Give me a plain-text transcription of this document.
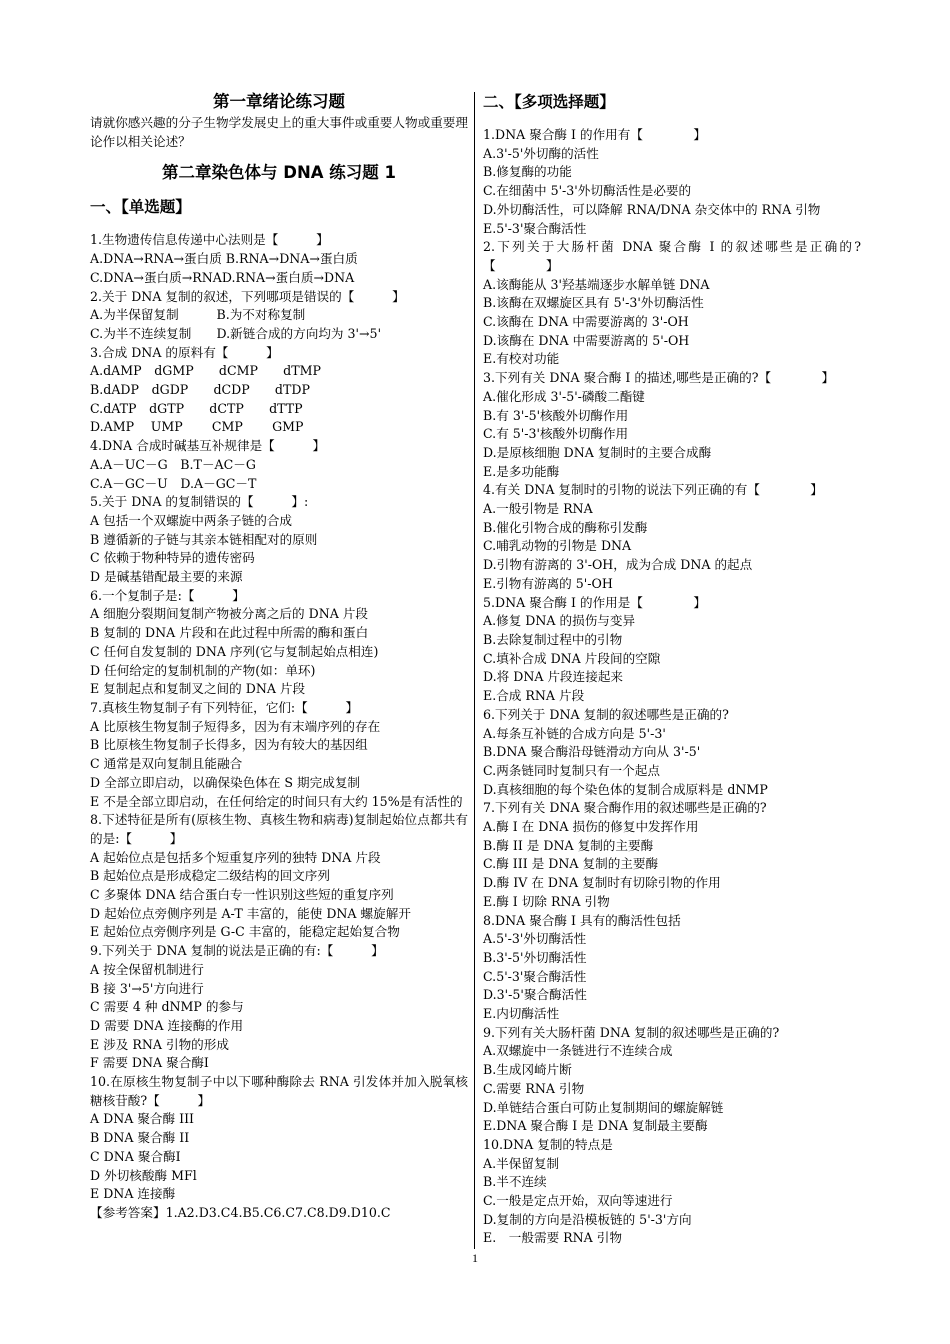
第一章绪论练习题
请就你感兴趣的分子生物学发展史上的重大事件或重要人物或重要理论作以相关论述？
第二章染色体与 DNA 练习题 1
一、【单选题】
1.生物遗传信息传递中心法则是【　　　】
A.DNA→RNA→蛋白质 B.RNA→DNA→蛋白质
C.DNA→蛋白质→RNAD.RNA→蛋白质→DNA
2.关于 DNA 复制的叙述，下列哪项是错误的【　　　】
A.为半保留复制　　　B.为不对称复制
C.为半不连续复制　　D.新链合成的方向均为 3'→5'
3.合成 DNA 的原料有【　　　】
A.dAMP　dGMP　　dCMP　　dTMP
B.dADP　dGDP　　dCDP　　dTDP
C.dATP　dGTP　　dCTP　　dTTP
D.AMP　 UMP　　 CMP　　 GMP
4.DNA 合成时碱基互补规律是【　　　】
A.A－UC－G　B.T－AC－G
C.A－GC－U　D.A－GC－T
5.关于 DNA 的复制错误的【　　　】:
A 包括一个双螺旋中两条子链的合成
B 遵循新的子链与其亲本链相配对的原则
C 依赖于物种特异的遗传密码
D 是碱基错配最主要的来源
6.一个复制子是:【　　　】
A 细胞分裂期间复制产物被分离之后的 DNA 片段
B 复制的 DNA 片段和在此过程中所需的酶和蛋白
C 任何自发复制的 DNA 序列(它与复制起始点相连)
D 任何给定的复制机制的产物(如：单环)
E 复制起点和复制叉之间的 DNA 片段
7.真核生物复制子有下列特征，它们:【　　　】
A 比原核生物复制子短得多，因为有末端序列的存在
B 比原核生物复制子长得多，因为有较大的基因组
C 通常是双向复制且能融合
D 全部立即启动，以确保染色体在 S 期完成复制
E 不是全部立即启动，在任何给定的时间只有大约 15%是有活性的
8.下述特征是所有(原核生物、真核生物和病毒)复制起始位点都共有的是:【　　　】
A 起始位点是包括多个短重复序列的独特 DNA 片段
B 起始位点是形成稳定二级结构的回文序列
C 多聚体 DNA 结合蛋白专一性识别这些短的重复序列
D 起始位点旁侧序列是 A-T 丰富的，能使 DNA 螺旋解开
E 起始位点旁侧序列是 G-C 丰富的，能稳定起始复合物
9.下列关于 DNA 复制的说法是正确的有:【　　　】
A 按全保留机制进行
B 接 3'→5'方向进行
C 需要 4 种 dNMP 的参与
D 需要 DNA 连接酶的作用
E 涉及 RNA 引物的形成
F 需要 DNA 聚合酶Ⅰ
10.在原核生物复制子中以下哪种酶除去 RNA 引发体并加入脱氧核糖核苷酸?【　　　】
A DNA 聚合酶 III
B DNA 聚合酶 II
C DNA 聚合酶Ⅰ
D 外切核酸酶 MFl
E DNA 连接酶
【参考答案】1.A2.D3.C4.B5.C6.C7.C8.D9.D10.C
二、【多项选择题】
1.DNA 聚合酶 I 的作用有【　　　　】
A.3'-5'外切酶的活性
B.修复酶的功能
C.在细菌中 5'-3'外切酶活性是必要的
D.外切酶活性，可以降解 RNA/DNA 杂交体中的 RNA 引物
E.5'-3'聚合酶活性
2.下列关于大肠杆菌 DNA 聚合酶 I 的叙述哪些是正确的?【　　　　】
A.该酶能从 3'羟基端逐步水解单链 DNA
B.该酶在双螺旋区具有 5'-3'外切酶活性
C.该酶在 DNA 中需要游离的 3'-OH
D.该酶在 DNA 中需要游离的 5'-OH
E.有校对功能
3.下列有关 DNA 聚合酶 I 的描述,哪些是正确的?【　　　　】
A.催化形成 3'-5'-磷酸二酯键
B.有 3'-5'核酸外切酶作用
C.有 5'-3'核酸外切酶作用
D.是原核细胞 DNA 复制时的主要合成酶
E.是多功能酶
4.有关 DNA 复制时的引物的说法下列正确的有【　　　　】
A.一般引物是 RNA
B.催化引物合成的酶称引发酶
C.哺乳动物的引物是 DNA
D.引物有游离的 3'-OH，成为合成 DNA 的起点
E.引物有游离的 5'-OH
5.DNA 聚合酶 I 的作用是【　　　　】
A.修复 DNA 的损伤与变异
B.去除复制过程中的引物
C.填补合成 DNA 片段间的空隙
D.将 DNA 片段连接起来
E.合成 RNA 片段
6.下列关于 DNA 复制的叙述哪些是正确的?
A.每条互补链的合成方向是 5'-3'
B.DNA 聚合酶沿母链滑动方向从 3'-5'
C.两条链同时复制只有一个起点
D.真核细胞的每个染色体的复制合成原料是 dNMP
7.下列有关 DNA 聚合酶作用的叙述哪些是正确的?
A.酶 I 在 DNA 损伤的修复中发挥作用
B.酶 II 是 DNA 复制的主要酶
C.酶 III 是 DNA 复制的主要酶
D.酶 IV 在 DNA 复制时有切除引物的作用
E.酶 I 切除 RNA 引物
8.DNA 聚合酶 I 具有的酶活性包括
A.5'-3'外切酶活性
B.3'-5'外切酶活性
C.5'-3'聚合酶活性
D.3'-5'聚合酶活性
E.内切酶活性
9.下列有关大肠杆菌 DNA 复制的叙述哪些是正确的?
A.双螺旋中一条链进行不连续合成
B.生成冈崎片断
C.需要 RNA 引物
D.单链结合蛋白可防止复制期间的螺旋解链
E.DNA 聚合酶 I 是 DNA 复制最主要酶
10.DNA 复制的特点是
A.半保留复制
B.半不连续
C.一般是定点开始，双向等速进行
D.复制的方向是沿模板链的 5'-3'方向
E.　一般需要 RNA 引物
1
